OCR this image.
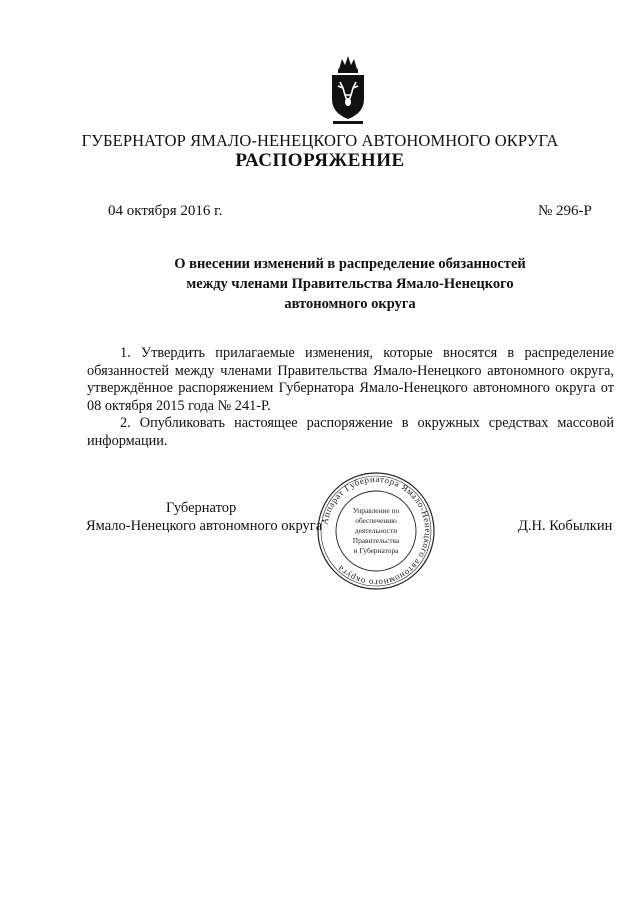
ГУБЕРНАТОР ЯМАЛО-НЕНЕЦКОГО АВТОНОМНОГО ОКРУГА
РАСПОРЯЖЕНИЕ
04 октября 2016 г.	№ 296-Р
О внесении изменений в распределение обязанностей
между членами Правительства Ямало-Ненецкого
автономного округа

1. Утвердить прилагаемые изменения, которые вносятся в распределение обязанностей между членами Правительства Ямало-Ненецкого автономного округа, утверждённое распоряжением Губернатора Ямало-Ненецкого автономного округа от 08 октября 2015 года № 241-Р.

2. Опубликовать настоящее распоряжение в окружных средствах массовой информации.

Губернатор
Ямало-Ненецкого автономного округа	Д.Н. Кобылкин
Аппарат Губернатора Ямало-Ненецкого автономного округа
Управление по
обеспечению
деятельности
Правительства
и Губернатора
